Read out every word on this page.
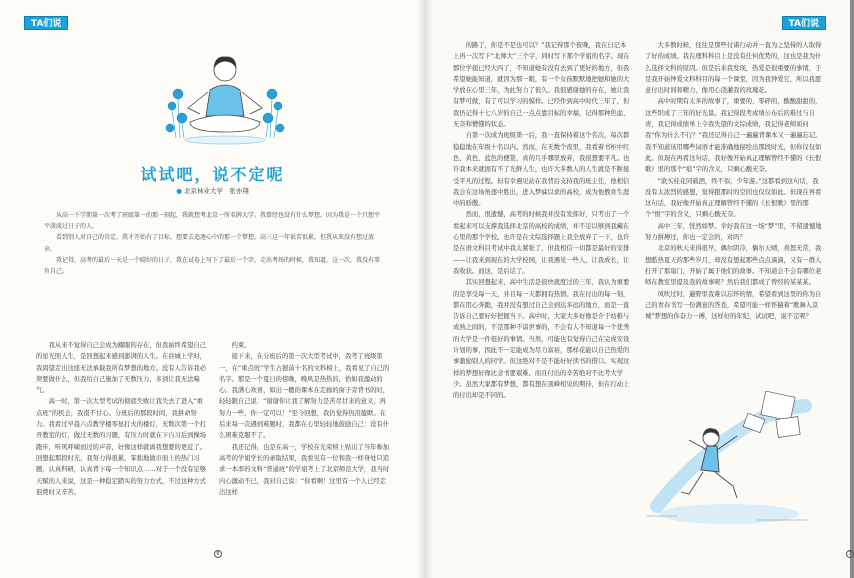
TA们说
试试吧，说不定呢
● 北京林业大学 张亦翔

从高一下学期第一次考了班级第一的那一刻起，我就想考北京一所名牌大学。我曾经也没有什么梦想，因为我是一个只想平平淡淡过日子的人。

看到别人对自己的肯定，我才开始有了目标，想要去追逐心中的那一个梦想。高三这一年很苦很累，但我从来没有想过放弃。

我记得，高考的最后一天是一个晴好的日子，我在试卷上写下了最后一个字，走出考场的时候，我知道，这一次，我没有辜负自己。

我从来不觉得自己会成为耀眼的存在，但我始终希望自己的星光照人生，是回想起来感到澎湃的人生。在县城上学时，我渴望走出这座无法承载我所有梦想的地方。没有人告诉我必须要做什么，但我给自己施加了无数压力，多到让我无法喘气。

高一时，第一次大型考试的彻底失败让我失去了进入“重点班”的机会，我很不甘心。分班后的那段时间，我拼命努力。我看过早晨六点教学楼零星打火的楼灯，无数次第一个打开教室的灯，做过无数的习题，有压力时就在下自习后到操场跑步，听风呼啸而过的声音，好像这样就离我想要的更近了。回想起那段时光，我努力得很累，笨拙地做市面上的热门习题，认真科研，认真背下每一个知识点……对于一个没有足够天赋的人来说，这是一种稳定踏实的努力方式，不过这种方式很费时又辛苦。

约束。

接下来，在分班后的第一次大型考试中，我考了班级第一，在“重点班”学生占据前十名的文科榜上，我看见了自己的名字。那是一个夏日的傍晚，晚风是热热的，恰如我激动的心。我满心欢喜，如出一辙的课本在走廊的窗子旁背书的时，轻轻跟自己说：“谢谢你让我了解努力是苦尽甘来的意义，再努力一些，你一定可以！”至今回想，我仍觉得热泪盈眶。在后来每一次遇到难题时，我都在心里轻轻地鼓励自己：没有什么困难克服不了。

我还记得，也是在高一，学校在光荣榜上贴出了当年参加高考的学姐学长的录取结果，我看见有一位和我一样身处只追求一本率的文科“普通班”的学姐考上了北京师范大学，我当时内心激动不已，我对自己说：“你看啊！这里有一个人已经走出这样

6
TA们说

的路了，你是不是也可以？”我记得那个夜晚，我在日记本上再一次写下“北师大”三个字，同时写下那个学姐的名字。现在那位学姐已经大四了，不知道她有没有去到了更好的地方，但我希望她能知道，就因为那一眼，有一个女孩默默地把她和她的大学放在心里三年，为此努力了很久。我很感谢她的存在，她让我有梦可做，有了可以学习的模样。已经作到高中时代三年了，但我仍记得十七八岁的自己一点点靠目标的幸福，记得那种焦虑、无奈和懵懂的状态。

自第一次成为班级第一后，我一直保持着这个名次，每次都稳稳地在年级十名以内。然而，在无数个夜里，我看着书柜中红色、黄色、蓝色的便签，真的几乎哪里放弃，我很想要平凡。也许我本来就拥有不了光鲜人生，也许大多数人的人生就是不断接受平凡的过程。但有幸遇见站在我背后支持我的班主任，他相信我会在这场角逐中胜出，进入梦寐以求的高校，成为他教育生涯中的骄傲。

然而，很遗憾，高考的时候我并没有发挥好，只考出了一个看起来可以支撑我选择北京的高校的成绩，并不足以够到我藏在心里的那个学校。也许是在文综选择题上我全放弃了一下，也许是在语文科目考试中我太紧张了，但我相信一切都是最好的安排——让我来到现在的大学校园，让我遇见一些人，让我成长，让我收获。而这，是后话了。

其实回想起来，高中生活是很快就度过的三年，我认为重要的是享受每一天，并且每一天都拥有热情。我在付出的每一刻，都在用心奔跑，我并没有想过自己会到达多远的地方，而是一直告诉自己要好好把握当下。高中时，大家大多好像是介于幼稚与成熟之间的，不是那种不谙世事的，不会有人不知道每一个优秀的大学是一件很好的事情。当然，可能也有觉得自己在完成安设计划的事，因此不一定能成为尽力富裕，那样花能以自己热爱的事激励别人的同学。但这绝对不是不能好好读书的借口。实现这样的梦想好像比念书要艰难。而且付出的辛苦绝对不比考大学少。虽然大家都有梦想，都有想在顶峰相见的期待，但在行动上的付出却是不同的。

大多数时候，往往是那些付诸行动并一直为之坚持的人取得了好的成绩。我在理科科目上是没有任何优势的，这也是我为什么选择文科的原因。但是后来我发现，热爱是很重要的事情，于是我开始钟爱文科科目的每一个课堂，因为我钟爱它，所以我愿意付出时间和精力，像用心浇灌我的玫瑰花。

高中时期有太多的故事了，重要的、零碎的，酸酸甜甜的，这些织成了三年的好光景。我记得段考成绩公布后的难过与自责，我记得成绩单上令我失望的文综成绩，我记得老师质问我“你为什么不行？”我还记得自己一遍遍背课本又一遍遍忘记。我不知道该用哪些词语才能准确地描绘出那段时光，但你仅仅如此。但现在再看这句话，我好像开始真正理解曾经不懂的《长恨歌》里的那个“痕”字的含义，只剩心酸无奈。

“欲买桂花同载酒，终不似，少年游。”这都看到这句话，我没有太浓烈的感想，觉得跟那时的空间也仅仅如此。但现在再看这句话，我好像开始真正理解曾经不懂的《长恨歌》里的那个“恨”字的含义，只剩心酸无奈。

高中三年，恍然如梦。幸好我在这一场“梦”里，不留遗憾地努力拼搏过，你也一定会的，对吗？

北京的秋天来得很早，偶尔阴冷，偶尔天晴，喜怒无常，我想酷热夏天的那些岁月，却没有想起那些点点滴滴，又有一群人打开了那扇门，开始了属于他们的故事。不知道会不会有哪位老师在教室里提及我的故事呢？然后我们都成了曾经的某某某。

风吹过时，遍野里我难以忘怀的情，希望看到这里的你为自己的青春书写一份满意的答卷，希望可能一样怀揣着“歌舞入京城”梦想的你奋力一搏，这样好的年纪，试试吧，说不定呢？

7
